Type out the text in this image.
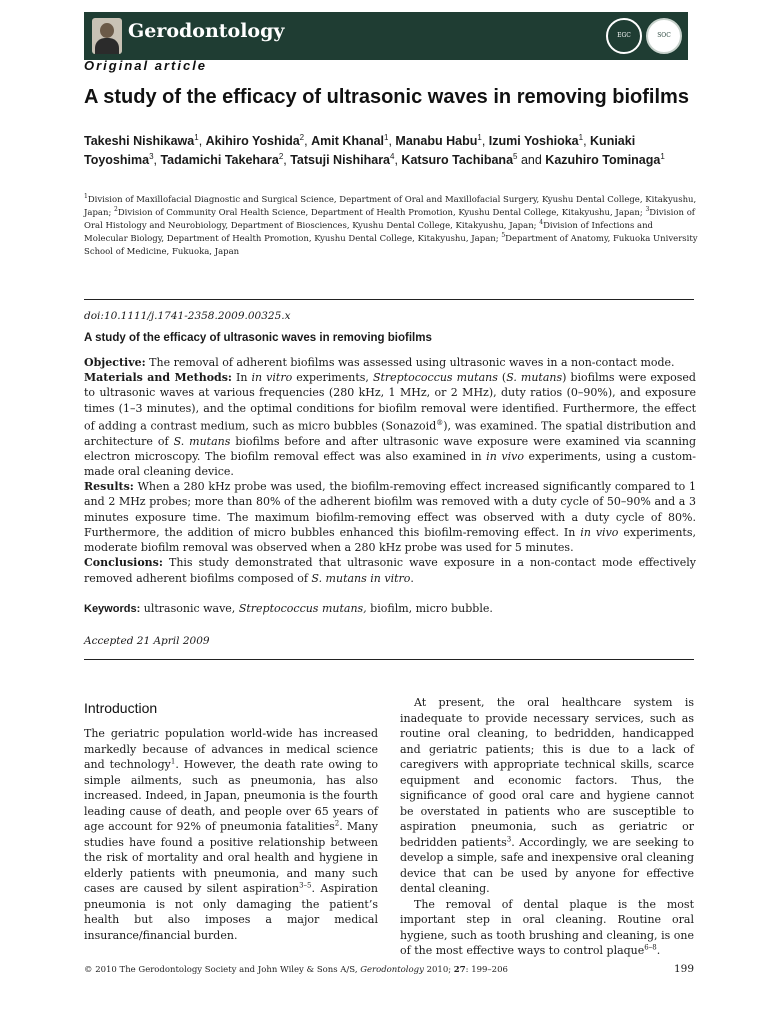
Gerodontology	EGC	SOC
Original article
A study of the efficacy of ultrasonic waves in removing biofilms
Takeshi Nishikawa$^1$, Akihiro Yoshida$^2$, Amit Khanal$^1$, Manabu Habu$^1$, Izumi Yoshioka$^1$, Kuniaki Toyoshima$^3$, Tadamichi Takehara$^2$, Tatsuji Nishihara$^4$, Katsuro Tachibana$^5$ and Kazuhiro Tominaga$^1$
$^1$Division of Maxillofacial Diagnostic and Surgical Science, Department of Oral and Maxillofacial Surgery, Kyushu Dental College, Kitakyushu, Japan; $^2$Division of Community Oral Health Science, Department of Health Promotion, Kyushu Dental College, Kitakyushu, Japan; $^3$Division of Oral Histology and Neurobiology, Department of Biosciences, Kyushu Dental College, Kitakyushu, Japan; $^4$Division of Infections and Molecular Biology, Department of Health Promotion, Kyushu Dental College, Kitakyushu, Japan; $^5$Department of Anatomy, Fukuoka University School of Medicine, Fukuoka, Japan
doi:10.1111/j.1741-2358.2009.00325.x
A study of the efficacy of ultrasonic waves in removing biofilms
Objective: The removal of adherent biofilms was assessed using ultrasonic waves in a non-contact mode.
Materials and Methods: In in vitro experiments, Streptococcus mutans (S. mutans) biofilms were exposed to ultrasonic waves at various frequencies (280 kHz, 1 MHz, or 2 MHz), duty ratios (0–90%), and exposure times (1–3 minutes), and the optimal conditions for biofilm removal were identified. Furthermore, the effect of adding a contrast medium, such as micro bubbles (Sonazoid®), was examined. The spatial distribution and architecture of S. mutans biofilms before and after ultrasonic wave exposure were examined via scanning electron microscopy. The biofilm removal effect was also examined in in vivo experiments, using a custom-made oral cleaning device.
Results: When a 280 kHz probe was used, the biofilm-removing effect increased significantly compared to 1 and 2 MHz probes; more than 80% of the adherent biofilm was removed with a duty cycle of 50–90% and a 3 minutes exposure time. The maximum biofilm-removing effect was observed with a duty cycle of 80%. Furthermore, the addition of micro bubbles enhanced this biofilm-removing effect. In in vivo experiments, moderate biofilm removal was observed when a 280 kHz probe was used for 5 minutes.
Conclusions: This study demonstrated that ultrasonic wave exposure in a non-contact mode effectively removed adherent biofilms composed of S. mutans in vitro.
Keywords: ultrasonic wave, Streptococcus mutans, biofilm, micro bubble.
Accepted 21 April 2009
Introduction

The geriatric population world-wide has increased markedly because of advances in medical science and technology$^1$. However, the death rate owing to simple ailments, such as pneumonia, has also increased. Indeed, in Japan, pneumonia is the fourth leading cause of death, and people over 65 years of age account for 92% of pneumonia fatalities$^2$. Many studies have found a positive relationship between the risk of mortality and oral health and hygiene in elderly patients with pneumonia, and many such cases are caused by silent aspiration$^{3-5}$. Aspiration pneumonia is not only damaging the patient’s health but also imposes a major medical insurance/financial burden.

At present, the oral healthcare system is inadequate to provide necessary services, such as routine oral cleaning, to bedridden, handicapped and geriatric patients; this is due to a lack of caregivers with appropriate technical skills, scarce equipment and economic factors. Thus, the significance of good oral care and hygiene cannot be overstated in patients who are susceptible to aspiration pneumonia, such as geriatric or bedridden patients$^3$. Accordingly, we are seeking to develop a simple, safe and inexpensive oral cleaning device that can be used by anyone for effective dental cleaning.

The removal of dental plaque is the most important step in oral cleaning. Routine oral hygiene, such as tooth brushing and cleaning, is one of the most effective ways to control plaque$^{6-8}$.

© 2010 The Gerodontology Society and John Wiley & Sons A/S, Gerodontology 2010; 27: 199–206	199
